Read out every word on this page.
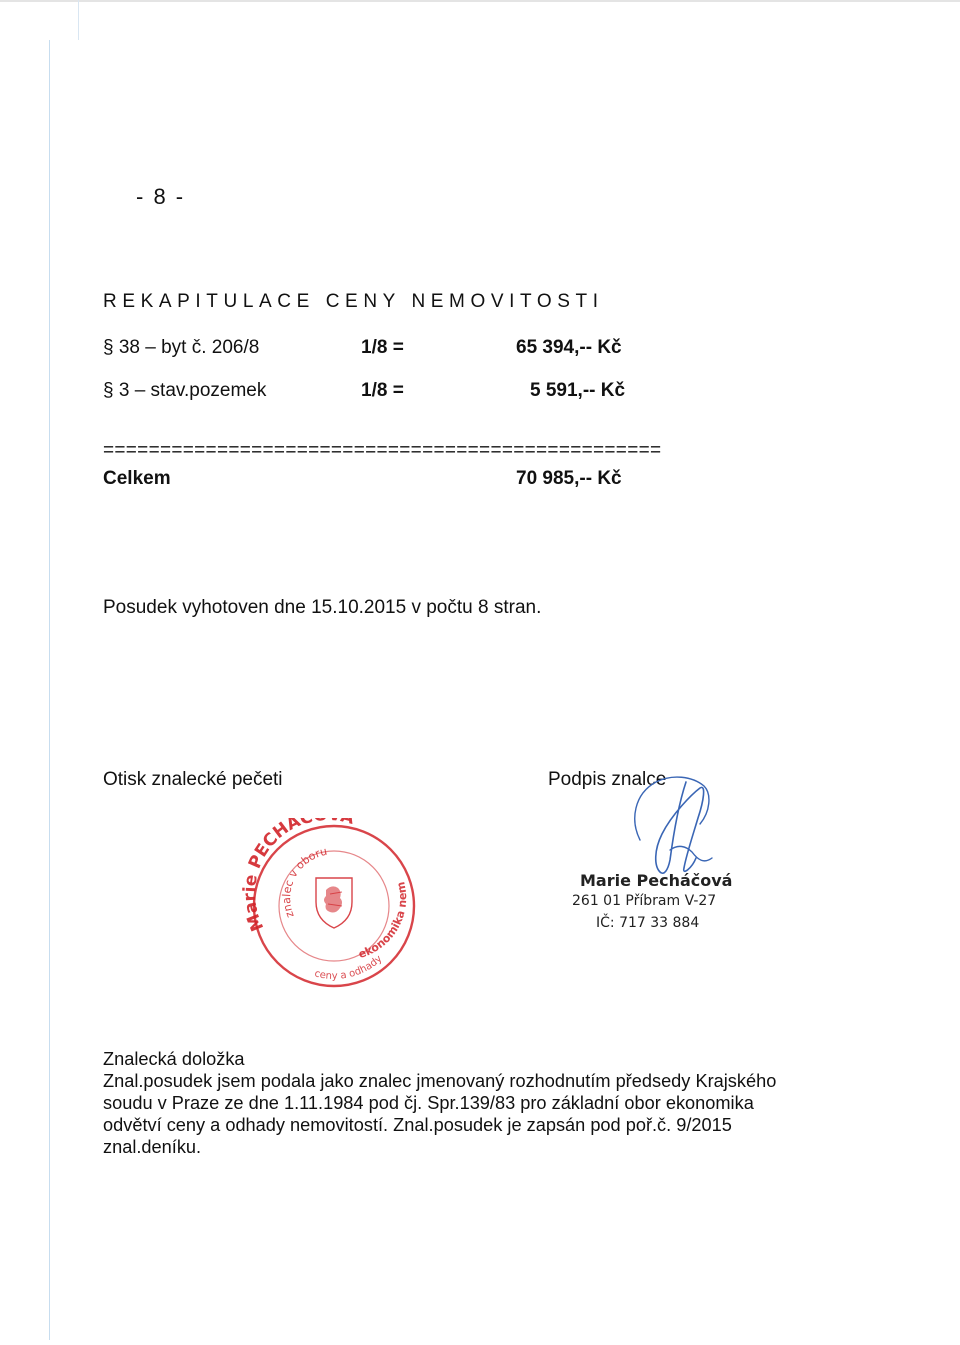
- 8 -
REKAPITULACE CENY NEMOVITOSTI
§ 38 – byt č. 206/8	1/8 =	65 394,-- Kč
§ 3 – stav.pozemek	1/8 =	5 591,-- Kč
=================================================
Celkem	70 985,-- Kč
Posudek vyhotoven dne 15.10.2015 v počtu 8 stran.
Otisk znalecké pečeti	Podpis znalce
Ma ie PECHÁČ
znalec v oboru
ekonomika nem
ceny a odhady
Marie Pecháčová
261 01 Příbram V-27
IČ: 717 33 884
Znalecká doložka
Znal.posudek jsem podala jako znalec jmenovaný rozhodnutím předsedy Krajského
soudu v Praze ze dne 1.11.1984 pod čj. Spr.139/83 pro základní obor ekonomika
odvětví ceny a odhady nemovitostí. Znal.posudek je zapsán pod poř.č. 9/2015
znal.deníku.
